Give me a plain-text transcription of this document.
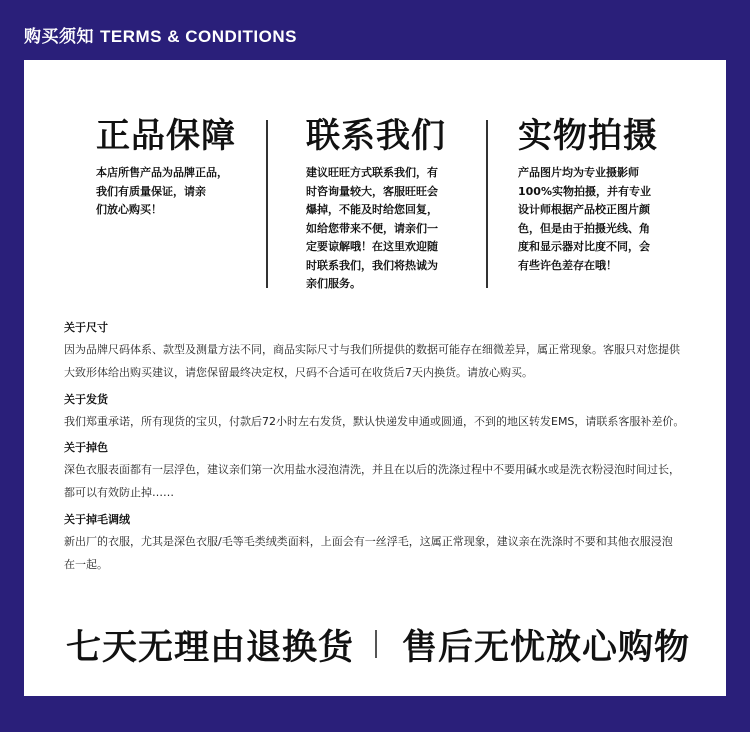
购买须知 TERMS & CONDITIONS
正品保障

本店所售产品为品牌正品，
我们有质量保证，请亲
们放心购买！

联系我们

建议旺旺方式联系我们，有
时咨询量较大，客服旺旺会
爆掉，不能及时给您回复，
如给您带来不便，请亲们一
定要谅解哦！在这里欢迎随
时联系我们，我们将热诚为
亲们服务。

实物拍摄

产品图片均为专业摄影师
100%实物拍摄，并有专业
设计师根据产品校正图片颜
色，但是由于拍摄光线、角
度和显示器对比度不同，会
有些许色差存在哦！

关于尺寸
因为品牌尺码体系、款型及测量方法不同，商品实际尺寸与我们所提供的数据可能存在细微差异，属正常现象。客服只对您提供
大致形体给出购买建议，请您保留最终决定权，尺码不合适可在收货后7天内换货。请放心购买。
关于发货
我们郑重承诺，所有现货的宝贝，付款后72小时左右发货，默认快递发申通或圆通，不到的地区转发EMS，请联系客服补差价。
关于掉色
深色衣服表面都有一层浮色，建议亲们第一次用盐水浸泡清洗，并且在以后的洗涤过程中不要用碱水或是洗衣粉浸泡时间过长，
都可以有效防止掉……
关于掉毛调绒
新出厂的衣服，尤其是深色衣服/毛等毛类绒类面料，上面会有一丝浮毛，这属正常现象，建议亲在洗涤时不要和其他衣服浸泡
在一起。
七天无理由退换货 售后无忧放心购物
